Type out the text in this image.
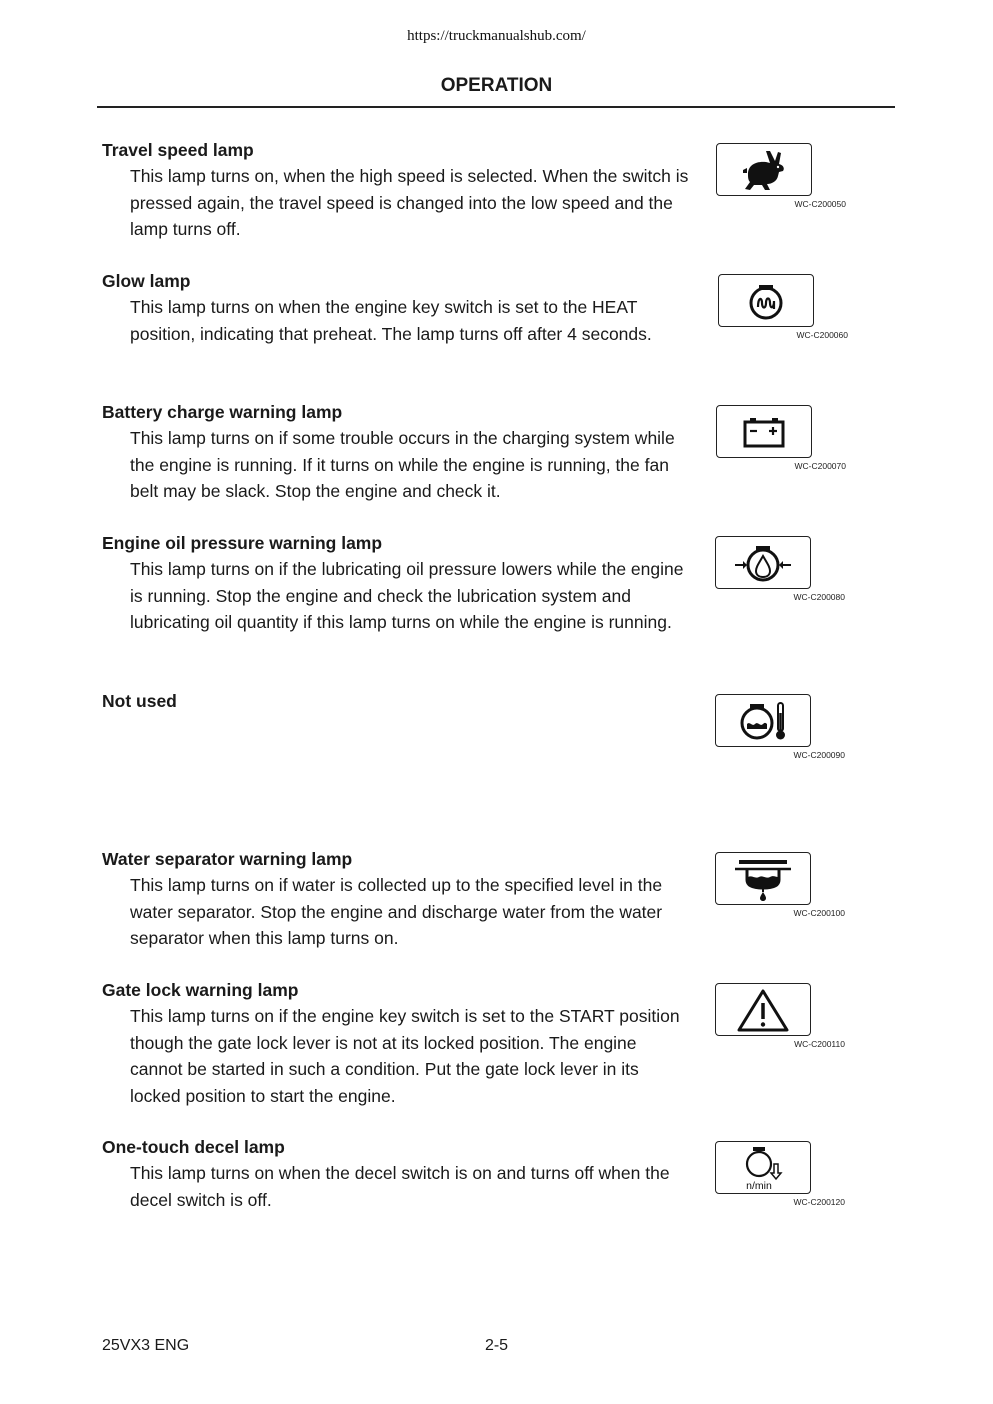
https://truckmanualshub.com/
OPERATION
Travel speed lamp

This lamp turns on, when the high speed is selected. When the switch is pressed again, the travel speed is changed into the low speed and the lamp turns off.

WC-C200050
Glow lamp

This lamp turns on when the engine key switch is set to the HEAT position, indicating that preheat. The lamp turns off after 4 seconds.	WC-C200060
Battery charge warning lamp

This lamp turns on if some trouble occurs in the charging system while the engine is running. If it turns on while the engine is running, the fan belt may be slack. Stop the engine and check it.

WC-C200070
Engine oil pressure warning lamp

This lamp turns on if the lubricating oil pressure lowers while the engine is running. Stop the engine and check the lubrication system and lubricating oil quantity if this lamp turns on while the engine is running.

WC-C200080
Not used
WC-C200090
Water separator warning lamp

This lamp turns on if water is collected up to the specified level in the water separator. Stop the engine and discharge water from the water separator when this lamp turns on.

WC-C200100
Gate lock warning lamp

This lamp turns on if the engine key switch is set to the START position though the gate lock lever is not at its locked position. The engine cannot be started in such a condition. Put the gate lock lever in its locked position to start the engine.

WC-C200110
One-touch decel lamp

This lamp turns on when the decel switch is on and turns off when the decel switch is off.

n/min
WC-C200120
25VX3 ENG	2-5
